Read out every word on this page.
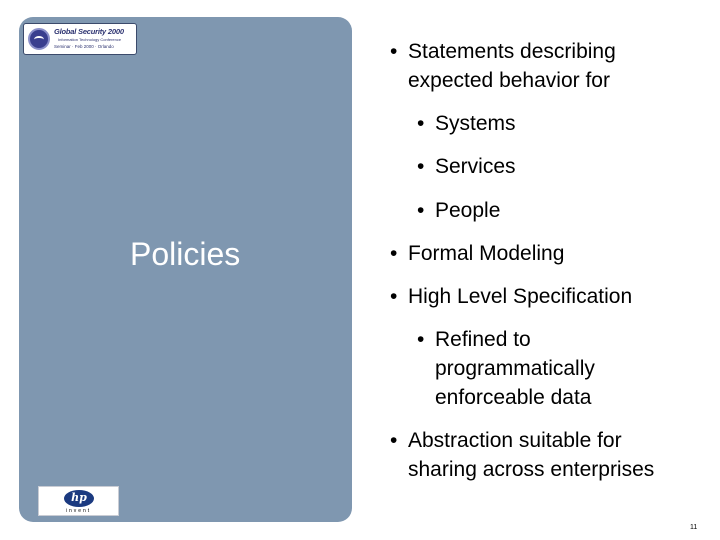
Global Security 2000
Information Technology Conference
Seminar · Feb 2000 · Orlando
hp
invent
Policies
• Statements describing expected behavior for
• Systems
• Services
• People
• Formal Modeling
• High Level Specification
• Refined to programmatically enforceable data
• Abstraction suitable for sharing across enterprises
11
